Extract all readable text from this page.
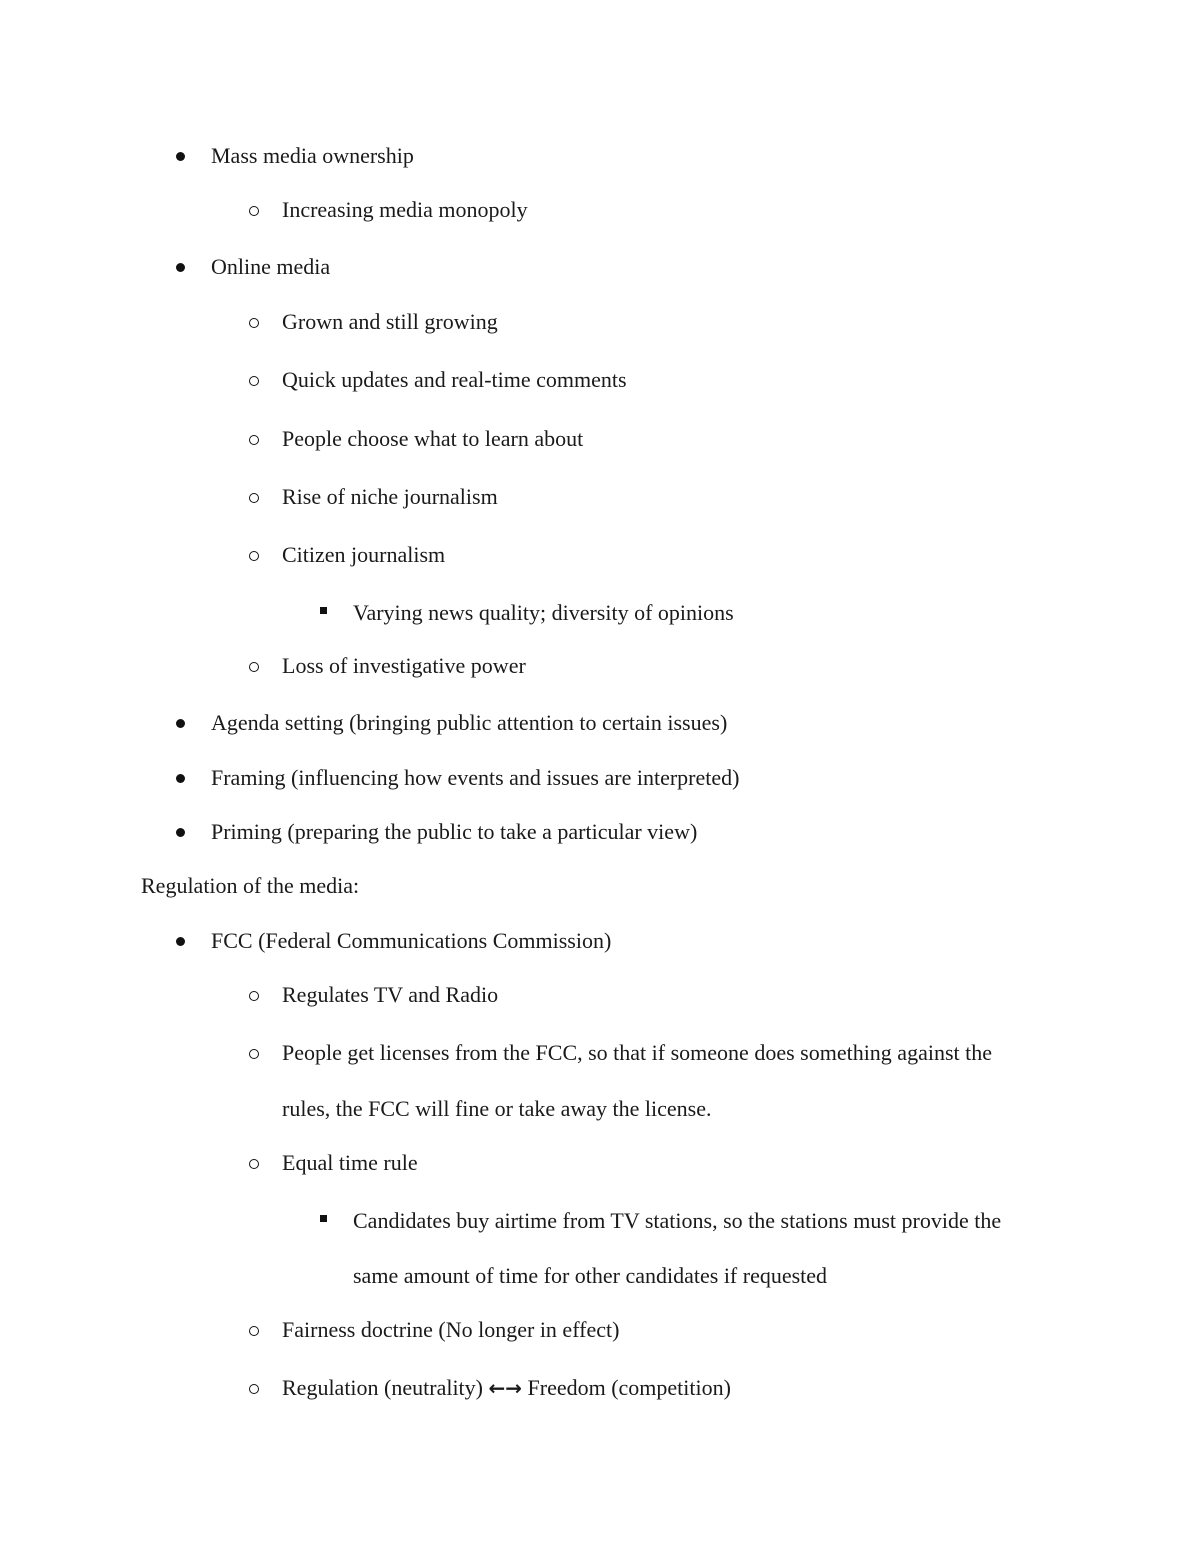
Mass media ownership
Increasing media monopoly
Online media
Grown and still growing
Quick updates and real-time comments
People choose what to learn about
Rise of niche journalism
Citizen journalism
Varying news quality; diversity of opinions
Loss of investigative power
Agenda setting (bringing public attention to certain issues)
Framing (influencing how events and issues are interpreted)
Priming (preparing the public to take a particular view)
Regulation of the media:
FCC (Federal Communications Commission)
Regulates TV and Radio
People get licenses from the FCC, so that if someone does something against the
rules, the FCC will fine or take away the license.
Equal time rule
Candidates buy airtime from TV stations, so the stations must provide the
same amount of time for other candidates if requested
Fairness doctrine (No longer in effect)
Regulation (neutrality) ←→ Freedom (competition)
